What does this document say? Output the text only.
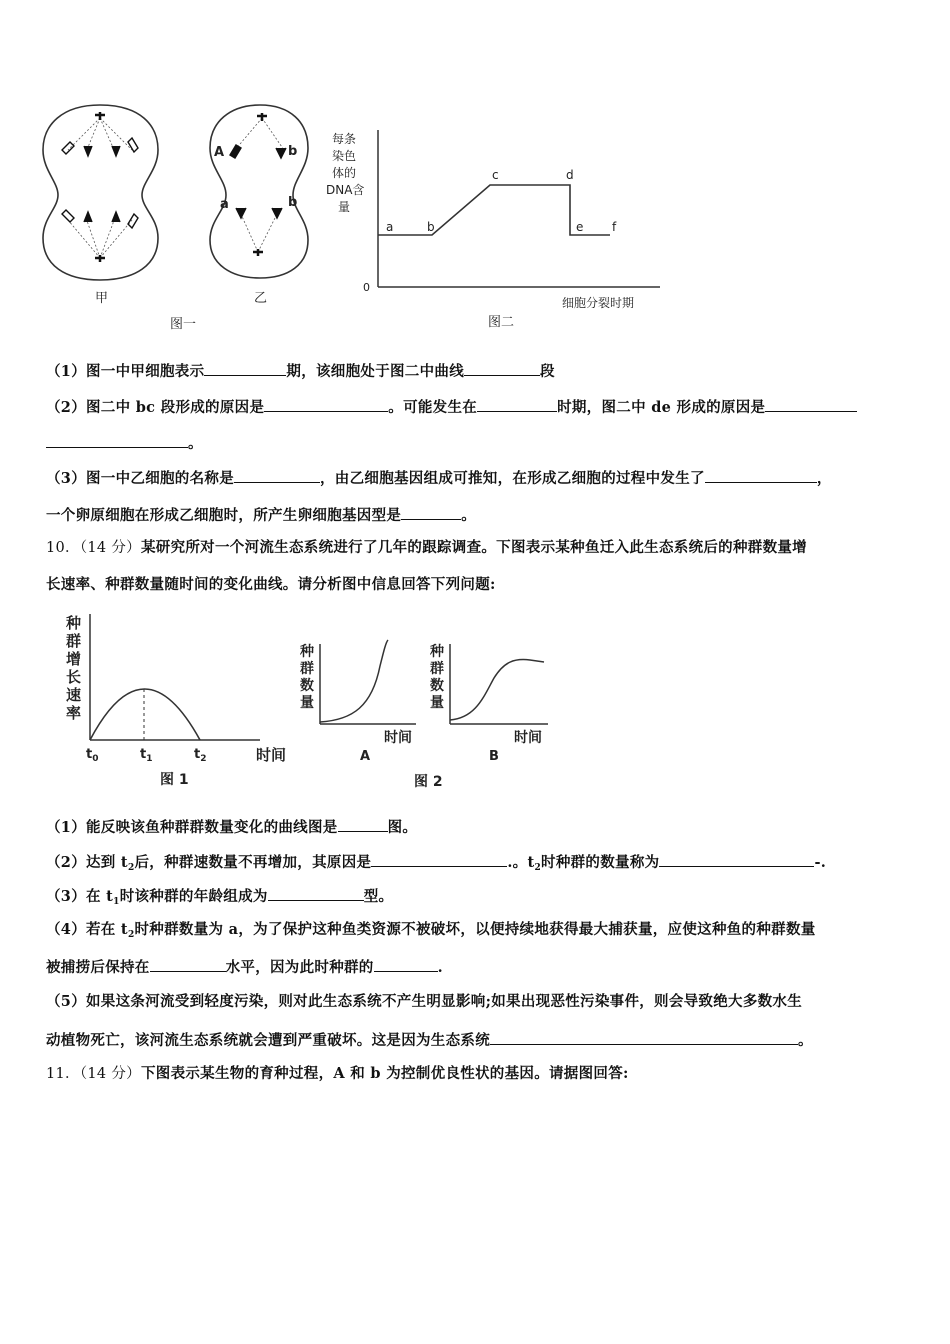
甲
A	b
a	b
乙
图一
每条
染色
体的
DNA含
量
0
a	b
c	d
e f
细胞分裂时期
图二
（1）图一中甲细胞表示	期，该细胞处于图二中曲线	段
（2）图二中 bc 段形成的原因是	。可能发生在	时期，图二中 de 形成的原因是
。
（3）图一中乙细胞的名称是	，由乙细胞基因组成可推知，在形成乙细胞的过程中发生了	，
一个卵原细胞在形成乙细胞时，所产生卵细胞基因型是	。
10．（14 分）某研究所对一个河流生态系统进行了几年的跟踪调查。下图表示某种鱼迁入此生态系统后的种群数量增
长速率、种群数量随时间的变化曲线。请分析图中信息回答下列问题:
种
群
增
长
速
率
$t_0$	$t_1$	$t_2$	时间
图 1
种
群
数
量
时间
A
种
群
数
量
时间
B
图 2
（1）能反映该鱼种群群数量变化的曲线图是	图。
（2）达到 $t_2$后，种群速数量不再增加，其原因是	.。$t_2$时种群的数量称为	-.
（3）在 $t_1$时该种群的年龄组成为	型。
（4）若在 $t_2$时种群数量为 a，为了保护这种鱼类资源不被破坏，以便持续地获得最大捕获量，应使这种鱼的种群数量
被捕捞后保持在	水平，因为此时种群的	.
（5）如果这条河流受到轻度污染，则对此生态系统不产生明显影响;如果出现恶性污染事件，则会导致绝大多数水生
动植物死亡，该河流生态系统就会遭到严重破坏。这是因为生态系统	。
11．（14 分）下图表示某生物的育种过程，A 和 b 为控制优良性状的基因。请据图回答:
